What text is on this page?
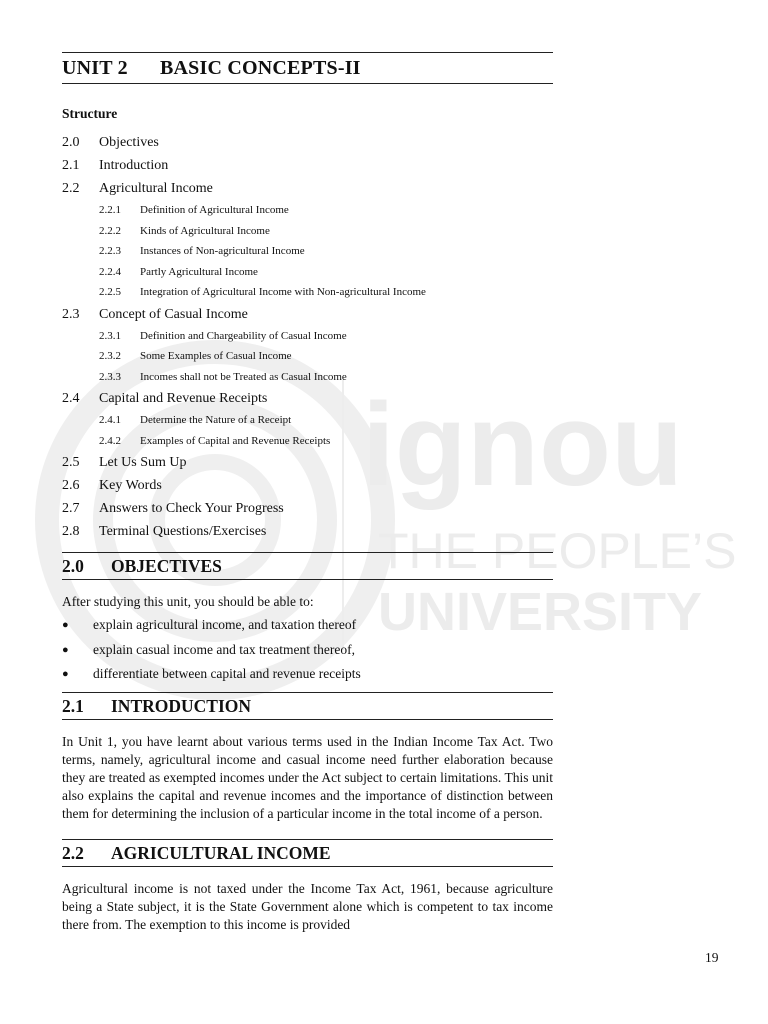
ignou
THE PEOPLE’S
UNIVERSITY
UNIT 2 BASIC CONCEPTS-II
Structure
2.0	Objectives
2.1	Introduction
2.2	Agricultural Income
2.2.1	Definition of Agricultural Income
2.2.2	Kinds of Agricultural Income
2.2.3	Instances of Non-agricultural Income
2.2.4	Partly Agricultural Income
2.2.5	Integration of Agricultural Income with Non-agricultural Income
2.3	Concept of Casual Income
2.3.1	Definition and Chargeability of Casual Income
2.3.2	Some Examples of Casual Income
2.3.3	Incomes shall not be Treated as Casual Income
2.4	Capital and Revenue Receipts
2.4.1	Determine the Nature of a Receipt
2.4.2	Examples of Capital and Revenue Receipts
2.5	Let Us Sum Up
2.6	Key Words
2.7	Answers to Check Your Progress
2.8	Terminal Questions/Exercises
2.0	OBJECTIVES
After studying this unit, you should be able to:
●	explain agricultural income, and taxation thereof
●	explain casual income and tax treatment thereof,
●	differentiate between capital and revenue receipts
2.1	INTRODUCTION
In Unit 1, you have learnt about various terms used in the Indian Income Tax Act. Two terms, namely, agricultural income and casual income need further elaboration because they are treated as exempted incomes under the Act subject to certain limitations. This unit also explains the capital and revenue incomes and the importance of distinction between them for determining the inclusion of a particular income in the total income of a person.
2.2	AGRICULTURAL INCOME
Agricultural income is not taxed under the Income Tax Act, 1961, because agriculture being a State subject, it is the State Government alone which is competent to tax income there from. The exemption to this income is provided
19
